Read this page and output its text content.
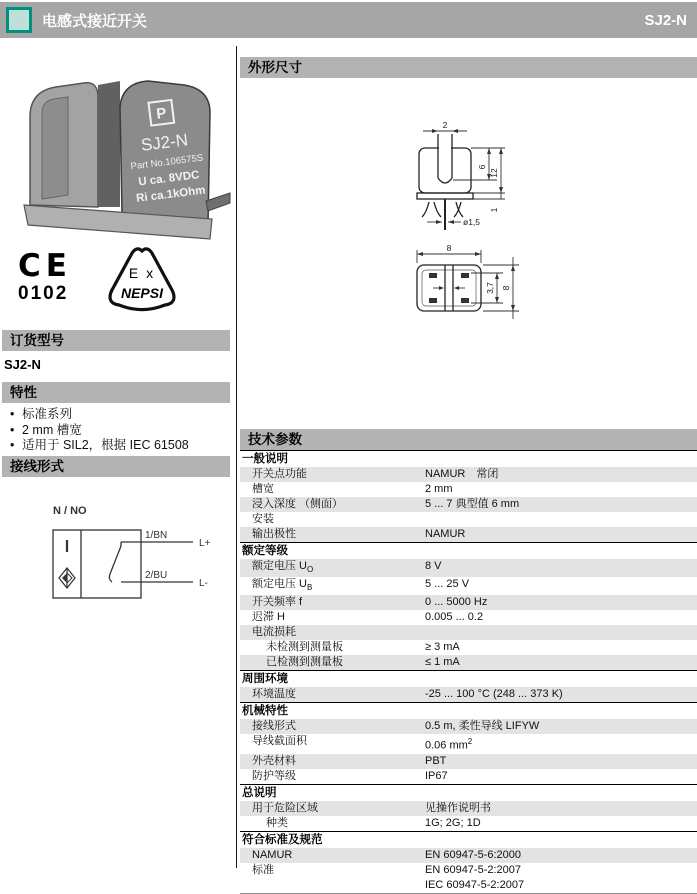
电感式接近开关	SJ2-N
P
SJ2-N
Part No.106575S
U ca. 8VDC
Ri ca.1kOhm
CE
0102
E x
NEPSI
订货型号
SJ2-N
特性
• 标准系列
• 2 mm 槽宽
• 适用于 SIL2，根据 IEC 61508
接线形式
N / NO
1/BN
2/BU
L+
L-
外形尺寸
2
6
12
1
ø1,5
8
3,7 8
技术参数
一般说明
开关点功能	NAMUR　常闭
槽宽	2 mm
浸入深度 （侧面）	5 ... 7 典型值 6 mm
安装

输出极性	NAMUR
额定等级
额定电压 $U_O$	8 V
额定电压 $U_B$	5 ... 25 V
开关频率 f	0 ... 5000 Hz
迟滞 H	0.005 ... 0.2
电流损耗

未检测到测量板	≥ 3 mA
已检测到测量板	≤ 1 mA
周围环境
环境温度	-25 ... 100 °C (248 ... 373 K)
机械特性
接线形式	0.5 m, 柔性导线 LIFYW
导线截面积	0.06 $mm^2$
外壳材料	PBT
防护等级	IP67
总说明
用于危险区域	见操作说明书
种类	1G; 2G; 1D
符合标准及规范
NAMUR	EN 60947-5-6:2000
标准	EN 60947-5-2:2007
IEC 60947-5-2:2007
